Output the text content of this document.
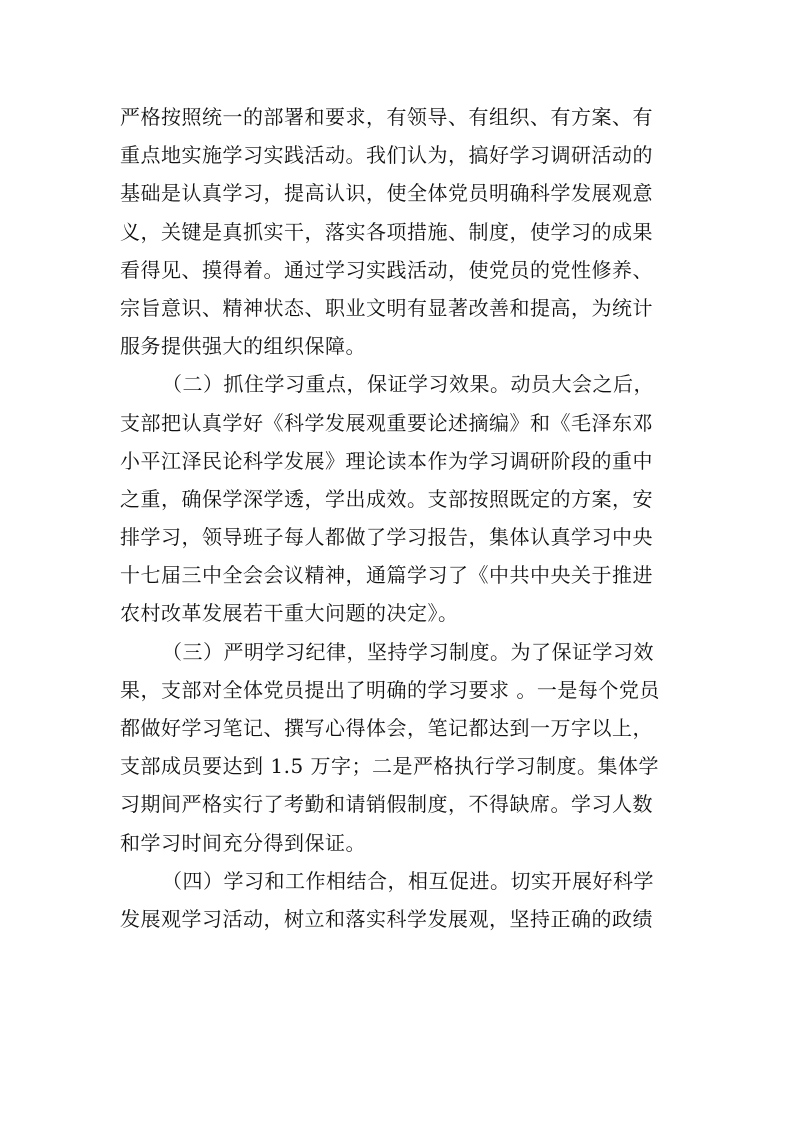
严格按照统一的部署和要求，有领导、有组织、有方案、有
重点地实施学习实践活动。我们认为，搞好学习调研活动的
基础是认真学习，提高认识，使全体党员明确科学发展观意
义，关键是真抓实干，落实各项措施、制度，使学习的成果
看得见、摸得着。通过学习实践活动，使党员的党性修养、
宗旨意识、精神状态、职业文明有显著改善和提高，为统计
服务提供强大的组织保障。
（二）抓住学习重点，保证学习效果。动员大会之后，
支部把认真学好《科学发展观重要论述摘编》和《毛泽东邓
小平江泽民论科学发展》理论读本作为学习调研阶段的重中
之重，确保学深学透，学出成效。支部按照既定的方案，安
排学习，领导班子每人都做了学习报告，集体认真学习中央
十七届三中全会会议精神，通篇学习了《中共中央关于推进
农村改革发展若干重大问题的决定》。
（三）严明学习纪律，坚持学习制度。为了保证学习效
果，支部对全体党员提出了明确的学习要求 。一是每个党员
都做好学习笔记、撰写心得体会，笔记都达到一万字以上，
支部成员要达到 1.5 万字；二是严格执行学习制度。集体学
习期间严格实行了考勤和请销假制度，不得缺席。学习人数
和学习时间充分得到保证。
（四）学习和工作相结合，相互促进。切实开展好科学
发展观学习活动，树立和落实科学发展观，坚持正确的政绩
